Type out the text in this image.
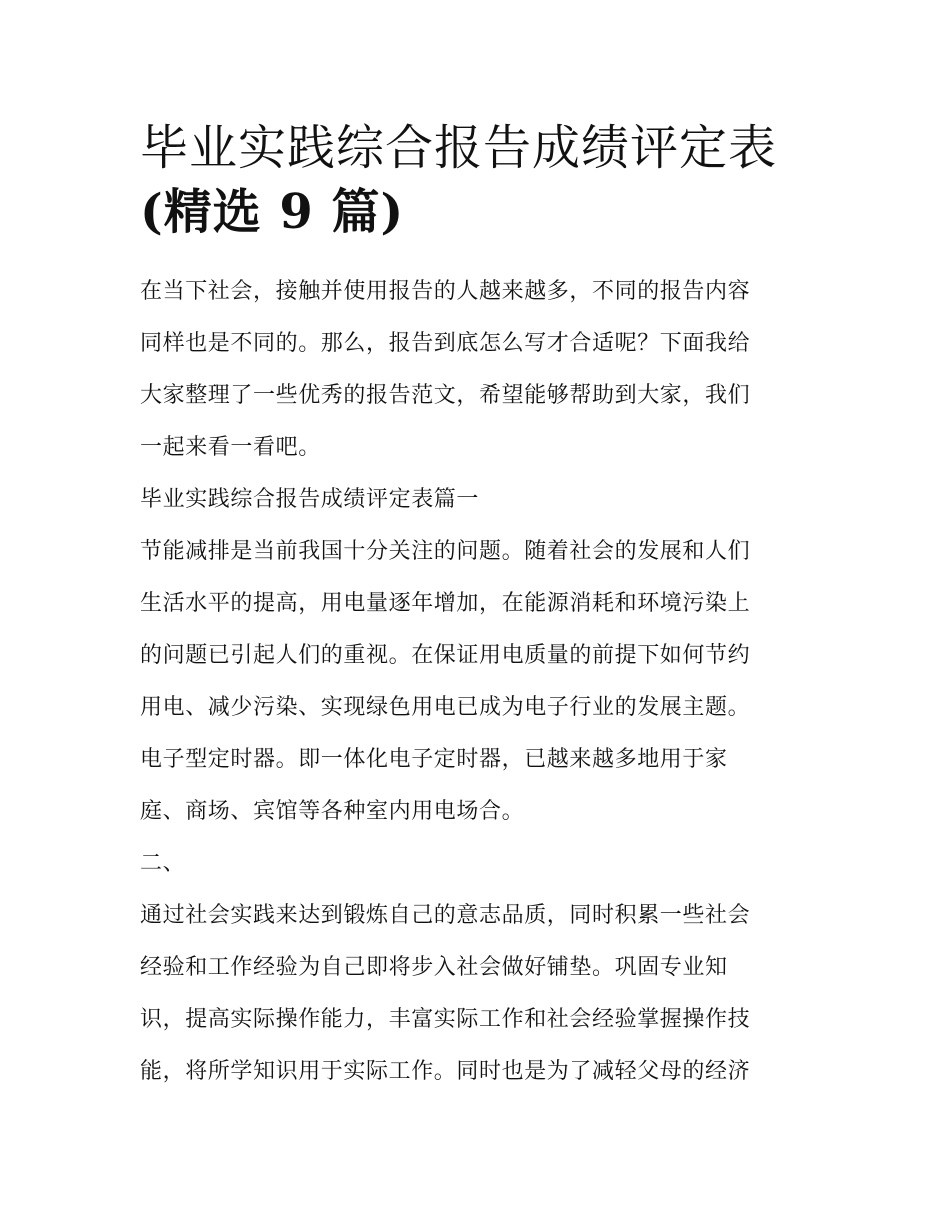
毕业实践综合报告成绩评定表
(精选 9 篇)

在当下社会，接触并使用报告的人越来越多，不同的报告内容
同样也是不同的。那么，报告到底怎么写才合适呢？下面我给
大家整理了一些优秀的报告范文，希望能够帮助到大家，我们
一起来看一看吧。

毕业实践综合报告成绩评定表篇一

节能减排是当前我国十分关注的问题。随着社会的发展和人们
生活水平的提高，用电量逐年增加，在能源消耗和环境污染上
的问题已引起人们的重视。在保证用电质量的前提下如何节约
用电、减少污染、实现绿色用电已成为电子行业的发展主题。
电子型定时器。即一体化电子定时器，已越来越多地用于家
庭、商场、宾馆等各种室内用电场合。

二、

通过社会实践来达到锻炼自己的意志品质，同时积累一些社会
经验和工作经验为自己即将步入社会做好铺垫。巩固专业知
识，提高实际操作能力，丰富实际工作和社会经验掌握操作技
能，将所学知识用于实际工作。同时也是为了减轻父母的经济
